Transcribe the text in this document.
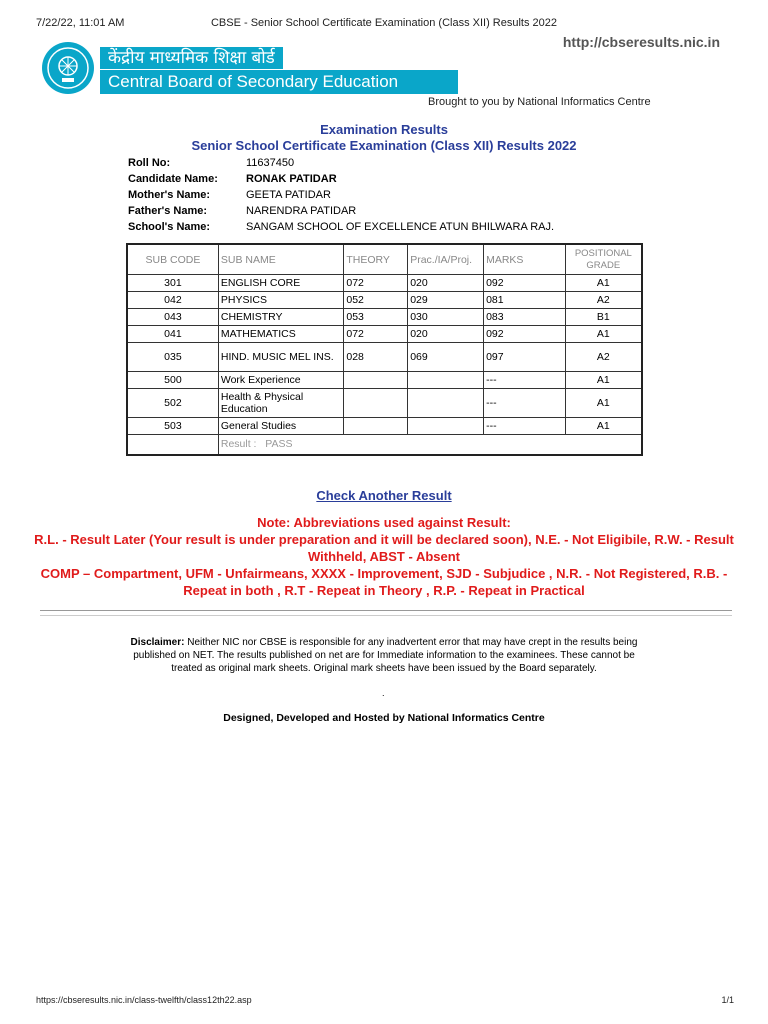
7/22/22, 11:01 AM	CBSE - Senior School Certificate Examination (Class XII) Results 2022
केंद्रीय माध्यमिक शिक्षा बोर्ड
Central Board of Secondary Education
http://cbseresults.nic.in
Brought to you by National Informatics Centre
Examination Results
Senior School Certificate Examination (Class XII) Results 2022
Roll No:	11637450
Candidate Name:	RONAK PATIDAR
Mother's Name:	GEETA PATIDAR
Father's Name:	NARENDRA PATIDAR
School's Name:	SANGAM SCHOOL OF EXCELLENCE ATUN BHILWARA RAJ.
SUB CODE	SUB NAME	THEORY	Prac./IA/Proj.	MARKS	POSITIONAL GRADE
301	ENGLISH CORE	072	020	092	A1
042	PHYSICS	052	029	081	A2
043	CHEMISTRY	053	030	083	B1
041	MATHEMATICS	072	020	092	A1
035	HIND. MUSIC MEL INS.	028	069	097	A2
500	Work Experience			---	A1
502	Health & Physical Education			---	A1
503	General Studies			---	A1
	Result : PASS				
Check Another Result

Note: Abbreviations used against Result:

R.L. - Result Later (Your result is under preparation and it will be declared soon), N.E. - Not Eligibile, R.W. - Result Withheld, ABST - Absent

COMP – Compartment, UFM - Unfairmeans, XXXX - Improvement, SJD - Subjudice , N.R. - Not Registered, R.B. - Repeat in both , R.T - Repeat in Theory , R.P. - Repeat in Practical

Disclaimer: Neither NIC nor CBSE is responsible for any inadvertent error that may have crept in the results being published on NET. The results published on net are for Immediate information to the examinees. These cannot be treated as original mark sheets. Original mark sheets have been issued by the Board separately.
.
Designed, Developed and Hosted by National Informatics Centre
https://cbseresults.nic.in/class-twelfth/class12th22.asp	1/1
